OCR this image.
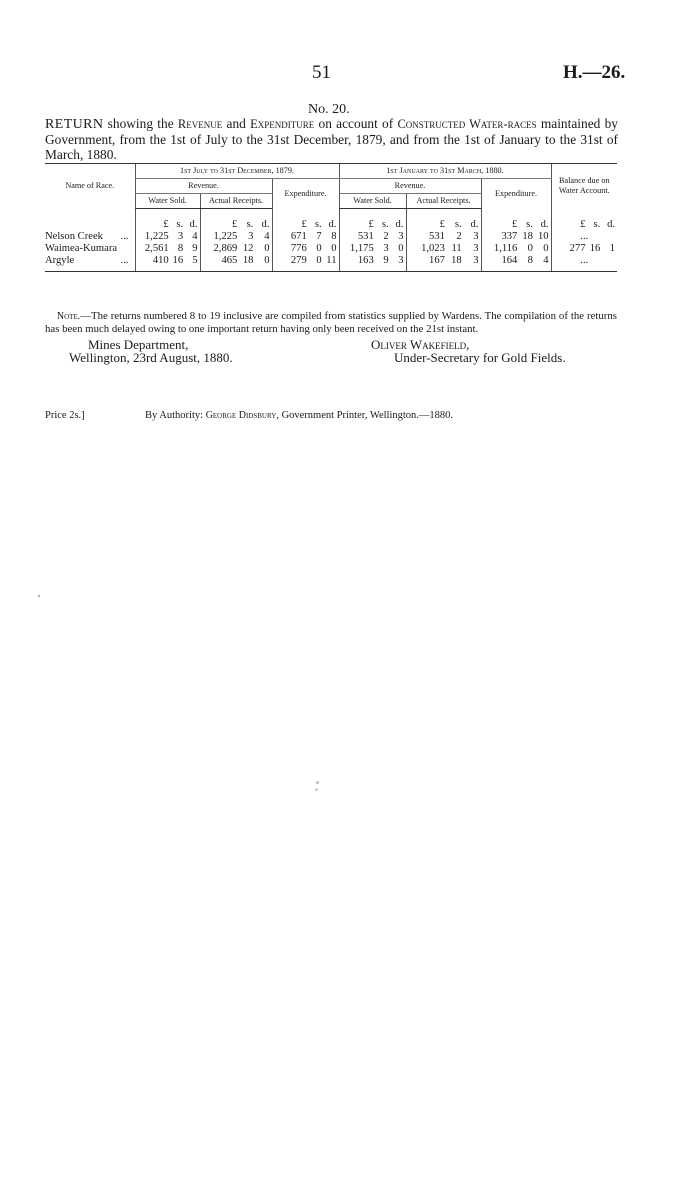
51	H.—26.
No. 20.
RETURN showing the Revenue and Expenditure on account of Constructed Water-races maintained by Government, from the 1st of July to the 31st December, 1879, and from the 1st of January to the 31st of March, 1880.
Name of Race.	1st July to 31st December, 1879.			1st January to 31st March, 1880.			Balance due on Water Account.
	Revenue.		Expenditure.	Revenue.		Expenditure.	
	Water Sold.	Actual Receipts.		Water Sold.	Actual Receipts.		
	£ s. d.	£ s. d.	£ s. d.	£ s. d.	£ s. d.	£ s. d.	£ s. d.
Nelson Creek ...	1,225 3 4	1,225 3 4	671 7 8	531 2 3	531 2 3	337 18 10	...
Waimea-Kumara	2,561 8 9	2,869 12 0	776 0 0	1,175 3 0	1,023 11 3	1,116 0 0	277 16 1
Argyle ...	410 16 5	465 18 0	279 0 11	163 9 3	167 18 3	164 8 4	...
Note.—The returns numbered 8 to 19 inclusive are compiled from statistics supplied by Wardens. The compilation of the returns has been much delayed owing to one important return having only been received on the 21st instant.
Mines Department,
Wellington, 23rd August, 1880.
Oliver Wakefield,
Under-Secretary for Gold Fields.
Price 2s.]	By Authority: George Didsbury, Government Printer, Wellington.—1880.
